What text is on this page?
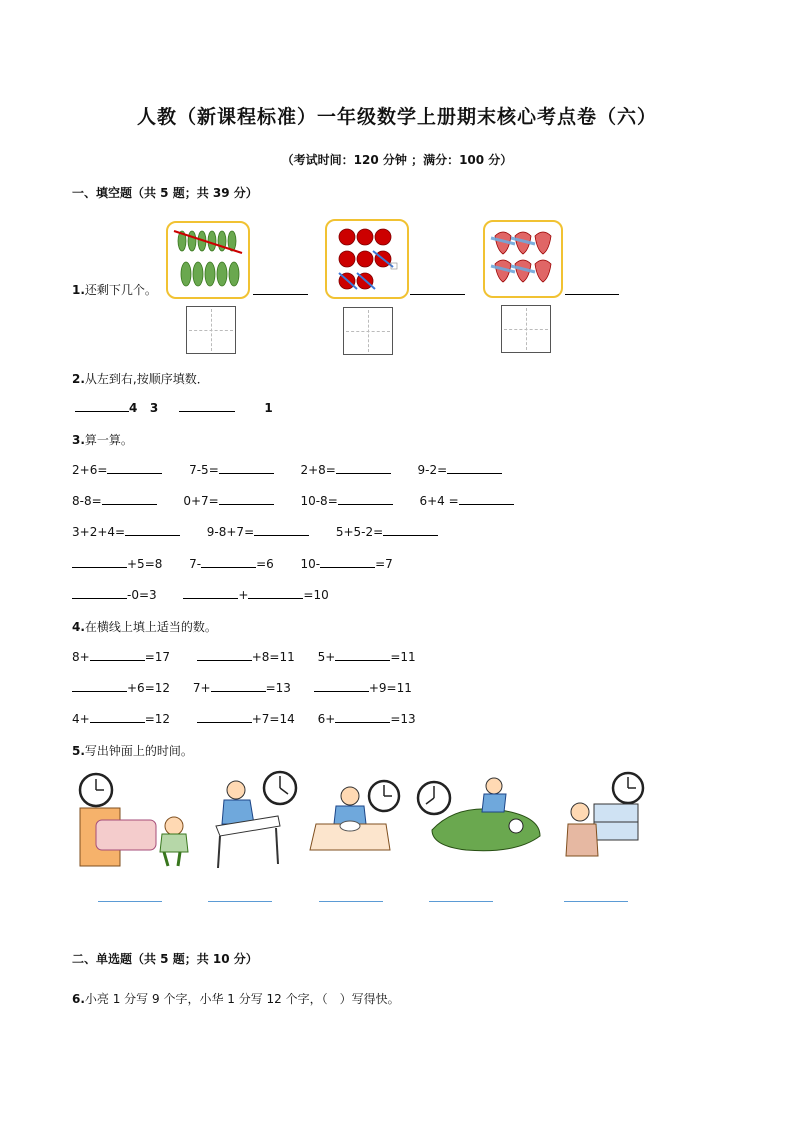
人教（新课程标准）一年级数学上册期末核心考点卷（六）
（考试时间：120 分钟 ；满分：100 分）
一、填空题（共 5 题；共 39 分）
1.还剩下几个。
2.从左到右,按顺序填数．
4 3	1
3.算一算。
2+6=	7-5=	2+8=	9-2=
8-8=	0+7=	10-8=	6+4 =
3+2+4=	9-8+7=	5+5-2=
+5=8 7-	=6 10-	=7
-0=3	+	=10
4.在横线上填上适当的数。
8+	=17	+8=11 5+	=11
+6=12 7+	=13	+9=11
4+	=12	+7=14 6+	=13
5.写出钟面上的时间。
二、单选题（共 5 题；共 10 分）
6.小亮 1 分写 9 个字，小华 1 分写 12 个字，（　）写得快。
